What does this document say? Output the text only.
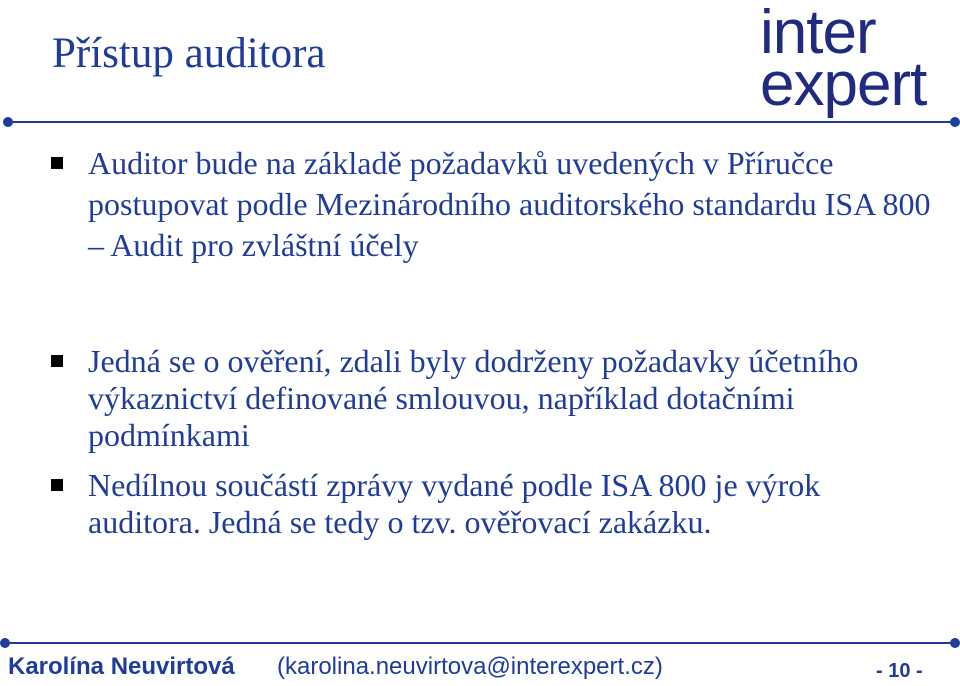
Přístup auditora	inter
expert
Auditor bude na základě požadavků uvedených v Příručce postupovat podle Mezinárodního auditorského standardu ISA 800 – Audit pro zvláštní účely
Jedná se o ověření, zdali byly dodrženy požadavky účetního výkaznictví definované smlouvou, například dotačními podmínkami
Nedílnou součástí zprávy vydané podle ISA 800 je výrok auditora. Jedná se tedy o tzv. ověřovací zakázku.
Karolína Neuvirtová (karolina.neuvirtova@interexpert.cz)	- 10 -
